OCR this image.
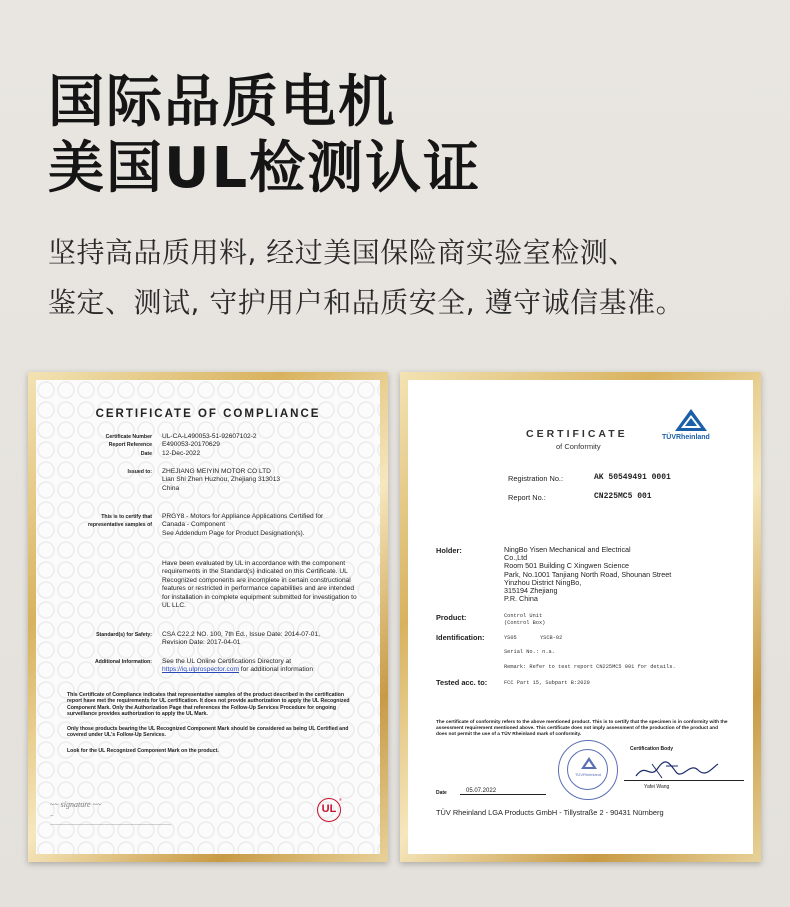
国际品质电机
美国UL检测认证
坚持高品质用料, 经过美国保险商实验室检测、
鉴定、测试, 守护用户和品质安全, 遵守诚信基准。
CERTIFICATE OF COMPLIANCE
Certificate Number	UL-CA-L490053-51-92607102-2
Report Reference	E490053-20170629
Date	12-Dec-2022
Issued to:	ZHEJIANG MEIYIN MOTOR CO LTD
Lian Shi Zhen Huzhou, Zhejiang 313013
China
This is to certify that
representative samples of
PRGY8 - Motors for Appliance Applications Certified for
Canada - Component
See Addendum Page for Product Designation(s).
Have been evaluated by UL in accordance with the component requirements in the Standard(s) indicated on this Certificate. UL Recognized components are incomplete in certain constructional features or restricted in performance capabilities and are intended for installation in complete equipment submitted for investigation to UL LLC.
Standard(s) for Safety:	CSA C22.2 NO. 100, 7th Ed., Issue Date: 2014-07-01,
Revision Date: 2017-04-01
Additional Information:	See the UL Online Certifications Directory at
https://iq.ulprospector.com for additional information
This Certificate of Compliance indicates that representative samples of the product described in the certification report have met the requirements for UL certification. It does not provide authorization to apply the UL Recognized Component Mark. Only the Authorization Page that references the Follow-Up Services Procedure for ongoing surveillance provides authorization to apply the UL Mark.
Only those products bearing the UL Recognized Component Mark should be considered as being UL Certified and covered under UL's Follow-Up Services.
Look for the UL Recognized Component Mark on the product.
~~ signature ~~
—
——————————————————————————————————————
UL
®
CERTIFICATE
of Conformity
TÜVRheinland
Registration No.:	AK 50549491 0001
Report No.:	CN225MC5 001
Holder:	NingBo Yisen Mechanical and Electrical
Co.,Ltd
Room 501 Building C Xingwen Science
Park, No.1001 Tanjiang North Road, Shounan Street
Yinzhou District NingBo,
315194 Zhejiang
P.R. China
Product:	Control Unit
(Control Box)
Identification:	YS05	YSCB-02
Serial No.: n.a.
Remark: Refer to test report CN225MC5 001 for details.
Tested acc. to:	FCC Part 15, Subpart B:2020
The certificate of conformity refers to the above mentioned product. This is to certify that the specimen is in conformity with the assessment requirement mentioned above. This certificate does not imply assessment of the production of the product and does not permit the use of a TÜV Rheinland mark of conformity.
TÜVRheinland
Certification Body
Yafei Wang
Date	05.07.2022
TÜV Rheinland LGA Products GmbH - Tillystraße 2 - 90431 Nürnberg
